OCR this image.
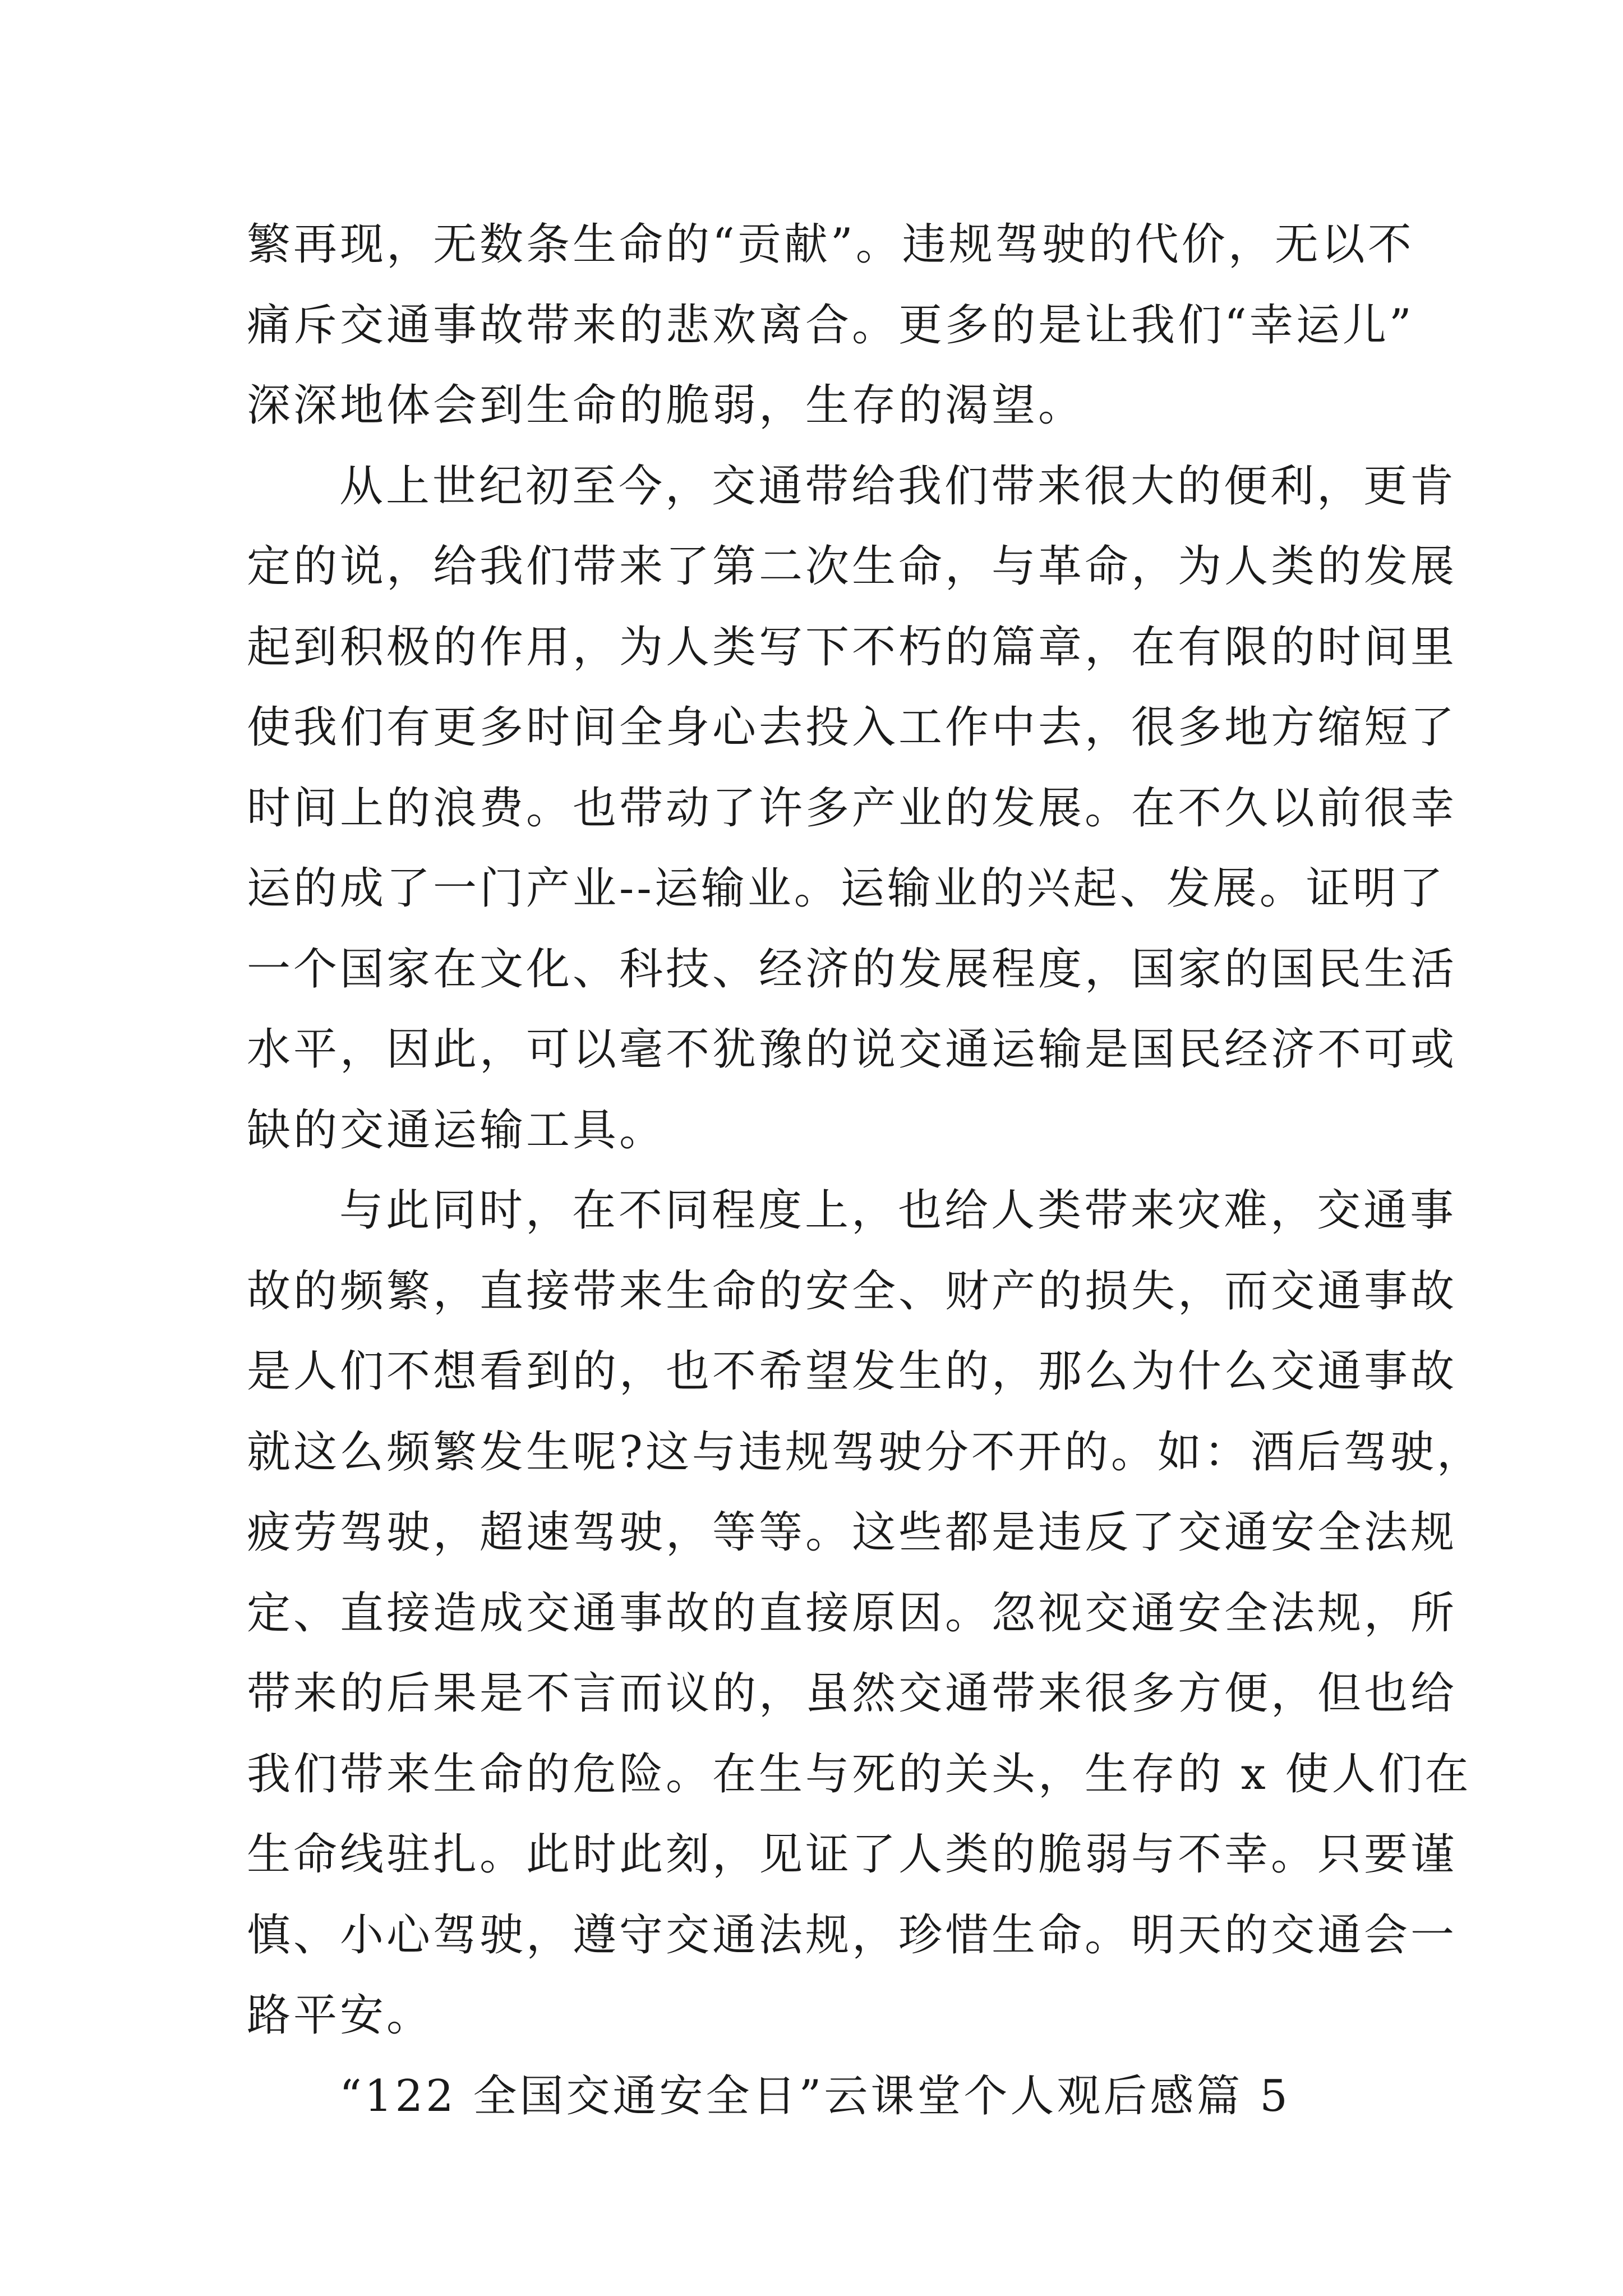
繁再现，无数条生命的“贡献”。违规驾驶的代价，无以不
痛斥交通事故带来的悲欢离合。更多的是让我们“幸运儿”
深深地体会到生命的脆弱，生存的渴望。
从上世纪初至今，交通带给我们带来很大的便利，更肯
定的说，给我们带来了第二次生命，与革命，为人类的发展
起到积极的作用，为人类写下不朽的篇章，在有限的时间里
使我们有更多时间全身心去投入工作中去，很多地方缩短了
时间上的浪费。也带动了许多产业的发展。在不久以前很幸
运的成了一门产业--运输业。运输业的兴起、发展。证明了
一个国家在文化、科技、经济的发展程度，国家的国民生活
水平，因此，可以毫不犹豫的说交通运输是国民经济不可或
缺的交通运输工具。
与此同时，在不同程度上，也给人类带来灾难，交通事
故的频繁，直接带来生命的安全、财产的损失，而交通事故
是人们不想看到的，也不希望发生的，那么为什么交通事故
就这么频繁发生呢?这与违规驾驶分不开的。如：酒后驾驶，
疲劳驾驶，超速驾驶，等等。这些都是违反了交通安全法规
定、直接造成交通事故的直接原因。忽视交通安全法规，所
带来的后果是不言而议的，虽然交通带来很多方便，但也给
我们带来生命的危险。在生与死的关头，生存的 x 使人们在
生命线驻扎。此时此刻，见证了人类的脆弱与不幸。只要谨
慎、小心驾驶，遵守交通法规，珍惜生命。明天的交通会一
路平安。
“122 全国交通安全日”云课堂个人观后感篇 5
